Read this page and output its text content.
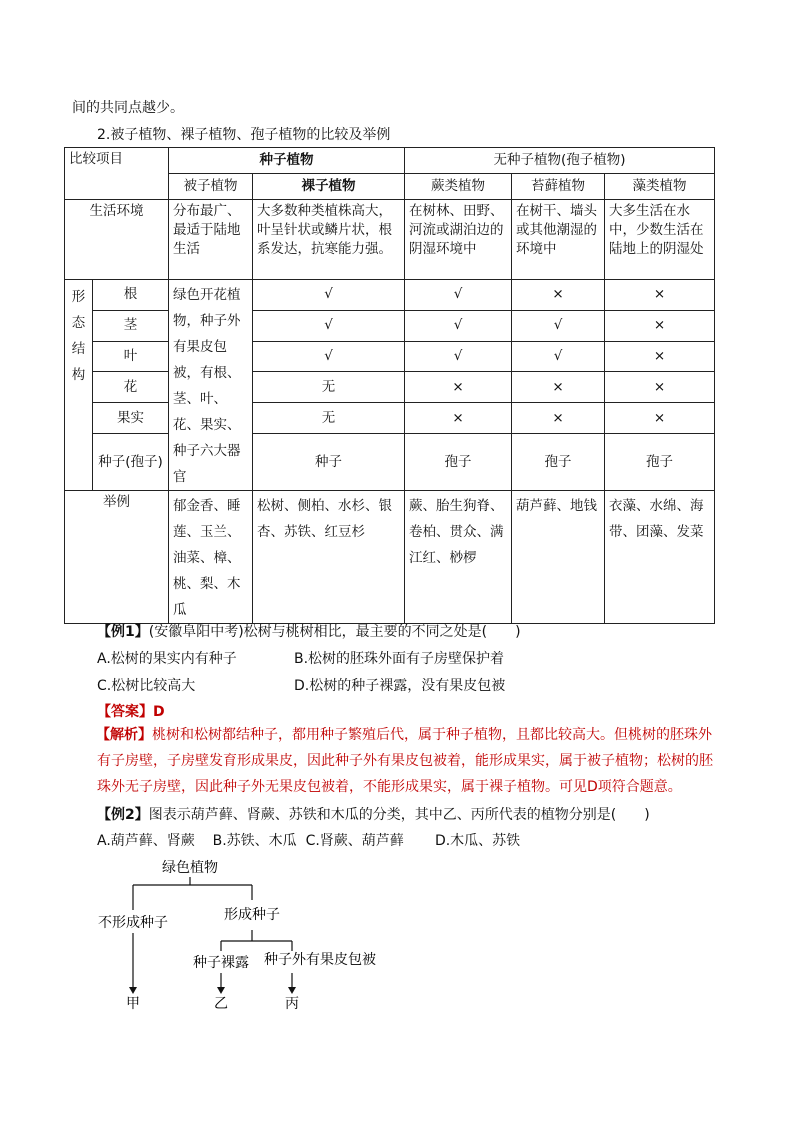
间的共同点越少。
2.被子植物、裸子植物、孢子植物的比较及举例
比较项目		种子植物		无种子植物(孢子植物)		
		被子植物	裸子植物	蕨类植物	苔藓植物	藻类植物
生活环境		分布最广、最适于陆地生活	大多数种类植株高大，叶呈针状或鳞片状，根系发达，抗寒能力强。	在树林、田野、河流或湖泊边的阴湿环境中	在树干、墙头或其他潮湿的环境中	大多生活在水中，少数生活在陆地上的阴湿处
形态结构	根	绿色开花植物，种子外有果皮包被，有根、茎、叶、花、果实、种子六大器官	√	√	×	×
	茎		√	√	√	×
	叶		√	√	√	×
	花		无	×	×	×
	果实		无	×	×	×
	种子(孢子)		种子	孢子	孢子	孢子
举例		郁金香、睡莲、玉兰、油菜、樟、桃、梨、木瓜	松树、侧柏、水杉、银杏、苏铁、红豆杉	蕨、胎生狗脊、卷柏、贯众、满江红、桫椤	葫芦藓、地钱	衣藻、水绵、海带、团藻、发菜
【例1】(安徽阜阳中考)松树与桃树相比，最主要的不同之处是(　　)
A.松树的果实内有种子	B.松树的胚珠外面有子房壁保护着
C.松树比较高大	D.松树的种子裸露，没有果皮包被
【答案】D
【解析】桃树和松树都结种子，都用种子繁殖后代，属于种子植物，且都比较高大。但桃树的胚珠外有子房壁，子房壁发育形成果皮，因此种子外有果皮包被着，能形成果实，属于被子植物；松树的胚珠外无子房壁，因此种子外无果皮包被着，不能形成果实，属于裸子植物。可见D项符合题意。
【例2】图表示葫芦藓、肾蕨、苏铁和木瓜的分类，其中乙、丙所代表的植物分别是(　　)
A.葫芦藓、肾蕨 B.苏铁、木瓜 C.肾蕨、葫芦藓 D.木瓜、苏铁
绿色植物
不形成种子	形成种子
种子裸露 种子外有果皮包被
甲	乙	丙
